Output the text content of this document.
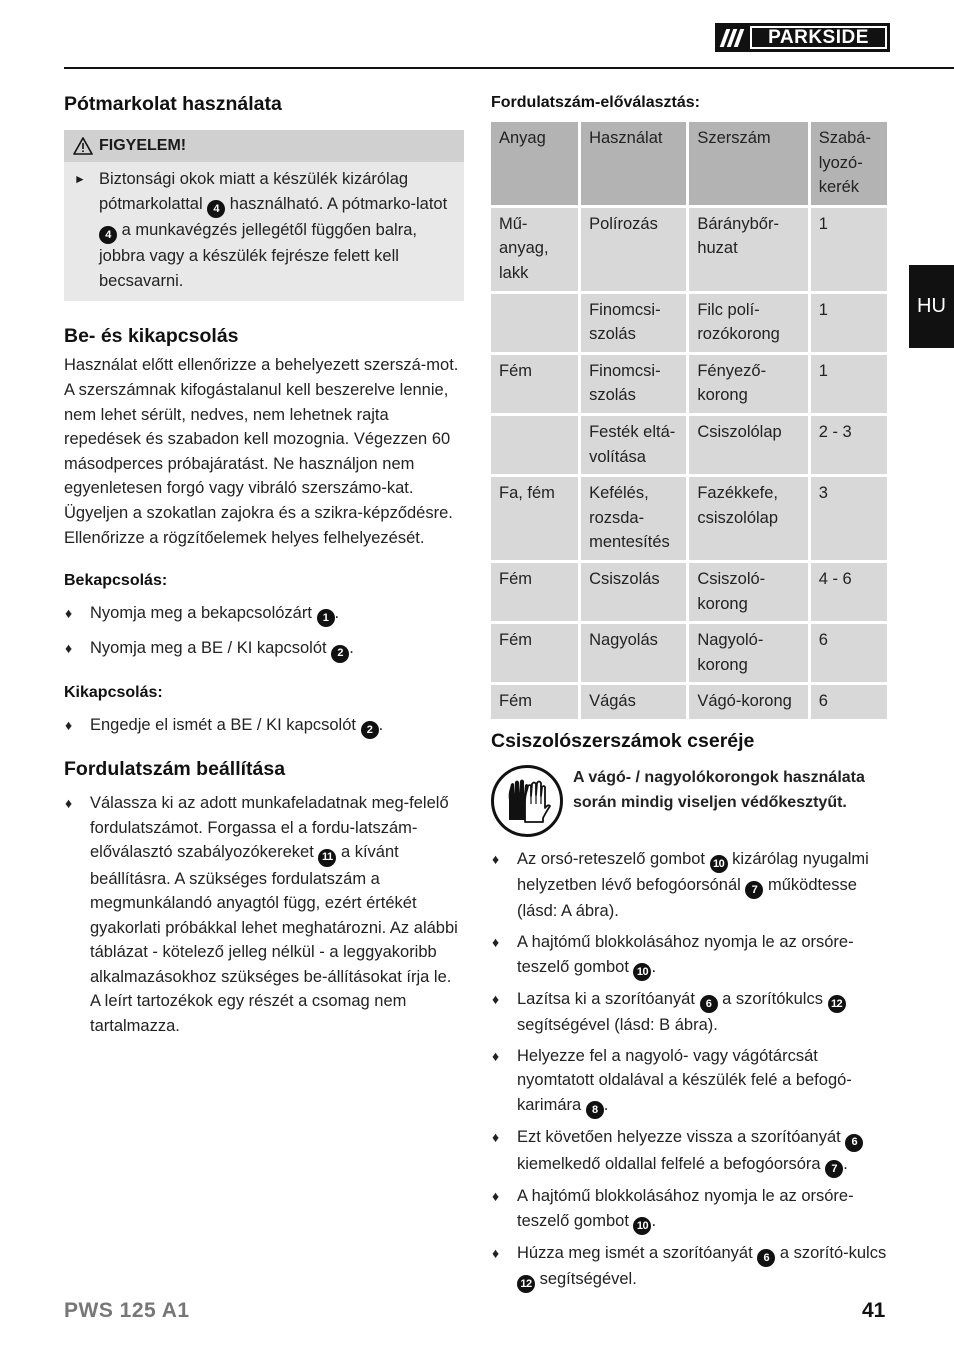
PARKSIDE
HU
Pótmarkolat használata
FIGYELEM!
► Biztonsági okok miatt a készülék kizárólag pótmarkolattal 4 használható. A pótmarko-latot 4 a munkavégzés jellegétől függően balra, jobbra vagy a készülék fejrésze felett kell becsavarni.

Be- és kikapcsolás

Használat előtt ellenőrizze a behelyezett szerszá-mot. A szerszámnak kifogástalanul kell beszerelve lennie, nem lehet sérült, nedves, nem lehetnek rajta repedések és szabadon kell mozognia. Végezzen 60 másodperces próbajáratást. Ne használjon nem egyenletesen forgó vagy vibráló szerszámo-kat. Ügyeljen a szokatlan zajokra és a szikra-képződésre. Ellenőrizze a rögzítőelemek helyes felhelyezését.

Bekapcsolás:
♦ Nyomja meg a bekapcsolózárt 1 .
♦ Nyomja meg a BE / KI kapcsolót 2 .
Kikapcsolás:
♦ Engedje el ismét a BE / KI kapcsolót 2 .
Fordulatszám beállítása
♦ Válassza ki az adott munkafeladatnak meg-felelő fordulatszámot. Forgassa el a fordu-latszám-előválasztó szabályozókereket 11 a kívánt beállításra. A szükséges fordulatszám a megmunkálandó anyagtól függ, ezért értékét gyakorlati próbákkal lehet meghatározni. Az alábbi táblázat - kötelező jelleg nélkül - a leggyakoribb alkalmazásokhoz szükséges be-állításokat írja le. A leírt tartozékok egy részét a csomag nem tartalmazza.
Fordulatszám-előválasztás:
Anyag	Használat	Szerszám	Szabá-lyozó-kerék
Mű-anyag, lakk	Polírozás	Báránybőr-huzat	1
	Finomcsi-szolás	Filc polí-rozókorong	1
Fém	Finomcsi-szolás	Fényező-korong	1
	Festék eltá-volítása	Csiszolólap	2 - 3
Fa, fém	Kefélés, rozsda-mentesítés	Fazékkefe, csiszolólap	3
Fém	Csiszolás	Csiszoló-korong	4 - 6
Fém	Nagyolás	Nagyoló-korong	6
Fém	Vágás	Vágó-korong	6
Csiszolószerszámok cseréje

A vágó- / nagyolókorongok használata során mindig viseljen védőkesztyűt.

♦ Az orsó-reteszelő gombot 10 kizárólag nyugalmi helyzetben lévő befogóorsónál 7 működtesse (lásd: A ábra).
♦ A hajtómű blokkolásához nyomja le az orsóre-teszelő gombot 10 .
♦ Lazítsa ki a szorítóanyát 6 a szorítókulcs 12 segítségével (lásd: B ábra).
♦ Helyezze fel a nagyoló- vagy vágótárcsát nyomtatott oldalával a készülék felé a befogó-karimára 8 .
♦ Ezt követően helyezze vissza a szorítóanyát 6 kiemelkedő oldallal felfelé a befogóorsóra 7 .
♦ A hajtómű blokkolásához nyomja le az orsóre-teszelő gombot 10 .
♦ Húzza meg ismét a szorítóanyát 6 a szorító-kulcs 12 segítségével.
PWS 125 A1	41
